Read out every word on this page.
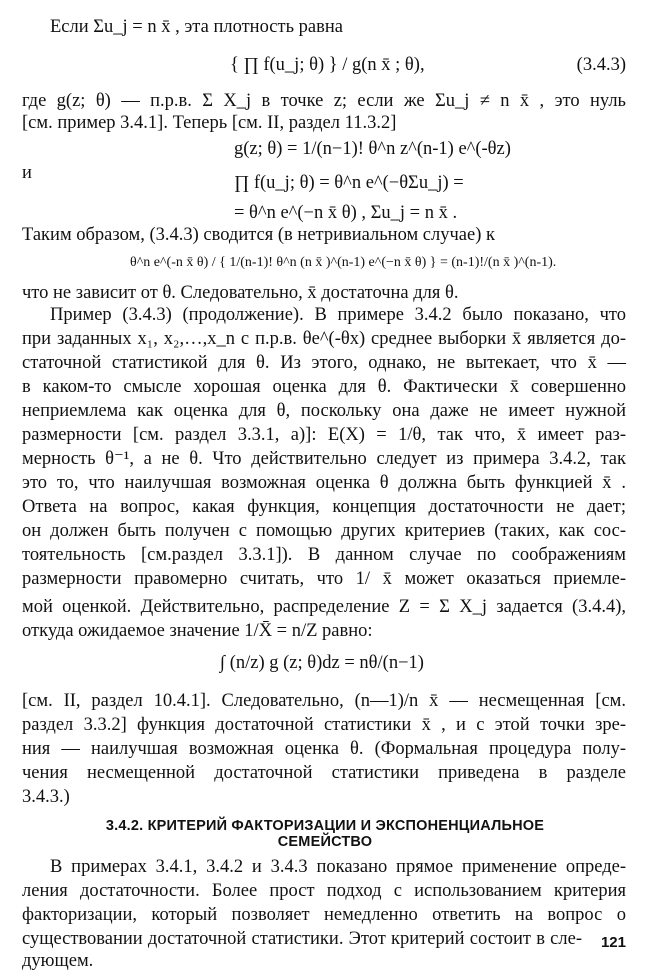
Если Σu_j = n x̄ , эта плотность равна

{ ∏ f(u_j; θ) } / g(n x̄ ; θ),	(3.4.3)

где g(z; θ) — п.р.в. Σ X_j в точке z; если же Σu_j ≠ n x̄ , это нуль

[см. пример 3.4.1]. Теперь [см. II, раздел 11.3.2]

g(z; θ) = 1/(n−1)! θ^n z^(n-1) e^(-θz)

и	∏ f(u_j; θ) = θ^n e^(−θΣu_j) =

= θ^n e^(−n x̄ θ) , Σu_j = n x̄ .

Таким образом, (3.4.3) сводится (в нетривиальном случае) к

θ^n e^(-n x̄ θ) / { 1/(n-1)! θ^n (n x̄ )^(n-1) e^(−n x̄ θ) } = (n-1)!/(n x̄ )^(n-1).

что не зависит от θ. Следовательно, x̄ достаточна для θ.

Пример (3.4.3) (продолжение). В примере 3.4.2 было показано, что

при заданных x₁, x₂,…,x_n с п.р.в. θe^(-θx) среднее выборки x̄ является до-

статочной статистикой для θ. Из этого, однако, не вытекает, что x̄ —

в каком-то смысле хорошая оценка для θ. Фактически x̄ совершенно

неприемлема как оценка для θ, поскольку она даже не имеет нужной

размерности [см. раздел 3.3.1, а)]: E(X) = 1/θ, так что, x̄ имеет раз-

мерность θ⁻¹, а не θ. Что действительно следует из примера 3.4.2, так

это то, что наилучшая возможная оценка θ должна быть функцией x̄ .

Ответа на вопрос, какая функция, концепция достаточности не дает;

он должен быть получен с помощью других критериев (таких, как сос-

тоятельность [см.раздел 3.3.1]). В данном случае по соображениям

размерности правомерно считать, что 1/ x̄ может оказаться приемле-

мой оценкой. Действительно, распределение Z = Σ X_j задается (3.4.4),

откуда ожидаемое значение 1/X̄ = n/Z равно:

∫ (n/z) g (z; θ)dz = nθ/(n−1)

[см. II, раздел 10.4.1]. Следовательно, (n—1)/n x̄ — несмещенная [см.

раздел 3.3.2] функция достаточной статистики x̄ , и с этой точки зре-

ния — наилучшая возможная оценка θ. (Формальная процедура полу-

чения несмещенной достаточной статистики приведена в разделе

3.4.3.)

3.4.2. КРИТЕРИЙ ФАКТОРИЗАЦИИ И ЭКСПОНЕНЦИАЛЬНОЕ
СЕМЕЙСТВО

В примерах 3.4.1, 3.4.2 и 3.4.3 показано прямое применение опреде-

ления достаточности. Более прост подход с использованием критерия

факторизации, который позволяет немедленно ответить на вопрос о

существовании достаточной статистики. Этот критерий состоит в сле-

дующем.

121
